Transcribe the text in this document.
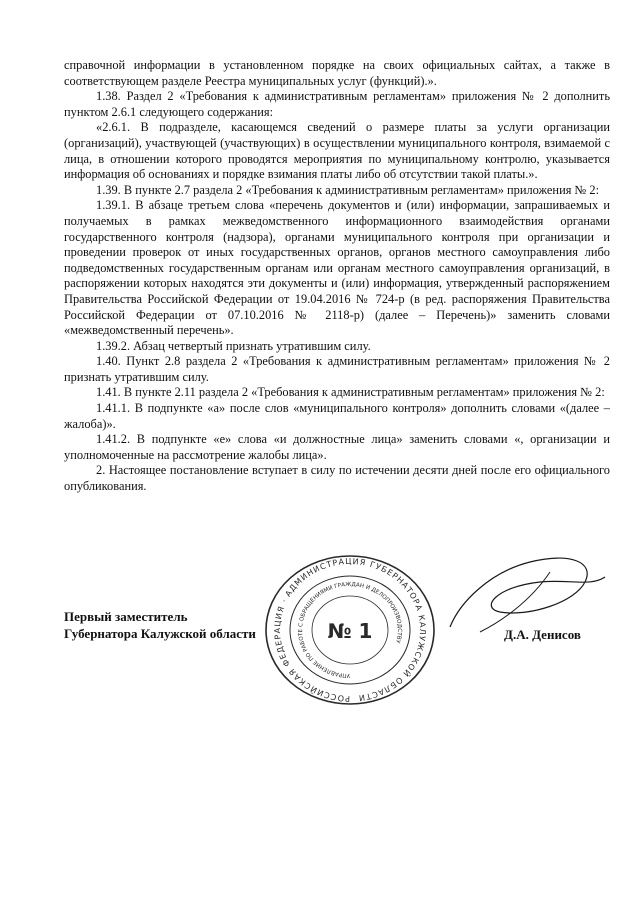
справочной информации в установленном порядке на своих официальных сайтах, а также в соответствующем разделе Реестра муниципальных услуг (функций).».

1.38. Раздел 2 «Требования к административным регламентам» приложения № 2 дополнить пунктом 2.6.1 следующего содержания:

«2.6.1. В подразделе, касающемся сведений о размере платы за услуги организации (организаций), участвующей (участвующих) в осуществлении муниципального контроля, взимаемой с лица, в отношении которого проводятся мероприятия по муниципальному контролю, указывается информация об основаниях и порядке взимания платы либо об отсутствии такой платы.».

1.39. В пункте 2.7 раздела 2 «Требования к административным регламентам» приложения № 2:

1.39.1. В абзаце третьем слова «перечень документов и (или) информации, запрашиваемых и получаемых в рамках межведомственного информационного взаимодействия органами государственного контроля (надзора), органами муниципального контроля при организации и проведении проверок от иных государственных органов, органов местного самоуправления либо подведомственных государственным органам или органам местного самоуправления организаций, в распоряжении которых находятся эти документы и (или) информация, утвержденный распоряжением Правительства Российской Федерации от 19.04.2016 № 724-р (в ред. распоряжения Правительства Российской Федерации от 07.10.2016 № 2118-р) (далее – Перечень)» заменить словами «межведомственный перечень».

1.39.2. Абзац четвертый признать утратившим силу.

1.40. Пункт 2.8 раздела 2 «Требования к административным регламентам» приложения № 2 признать утратившим силу.

1.41. В пункте 2.11 раздела 2 «Требования к административным регламентам» приложения № 2:

1.41.1. В подпункте «а» после слов «муниципального контроля» дополнить словами «(далее – жалоба)».

1.41.2. В подпункте «е» слова «и должностные лица» заменить словами «, организации и уполномоченные на рассмотрение жалобы лица».

2. Настоящее постановление вступает в силу по истечении десяти дней после его официального опубликования.

Первый заместитель
Губернатора Калужской области	Д.А. Денисов
РОССИЙСКАЯ ФЕДЕРАЦИЯ · АДМИНИСТРАЦИЯ ГУБЕРНАТОРА КАЛУЖСКОЙ ОБЛАСТИ
УПРАВЛЕНИЕ ПО РАБОТЕ С ОБРАЩЕНИЯМИ ГРАЖДАН И ДЕЛОПРОИЗВОДСТВУ
№ 1
